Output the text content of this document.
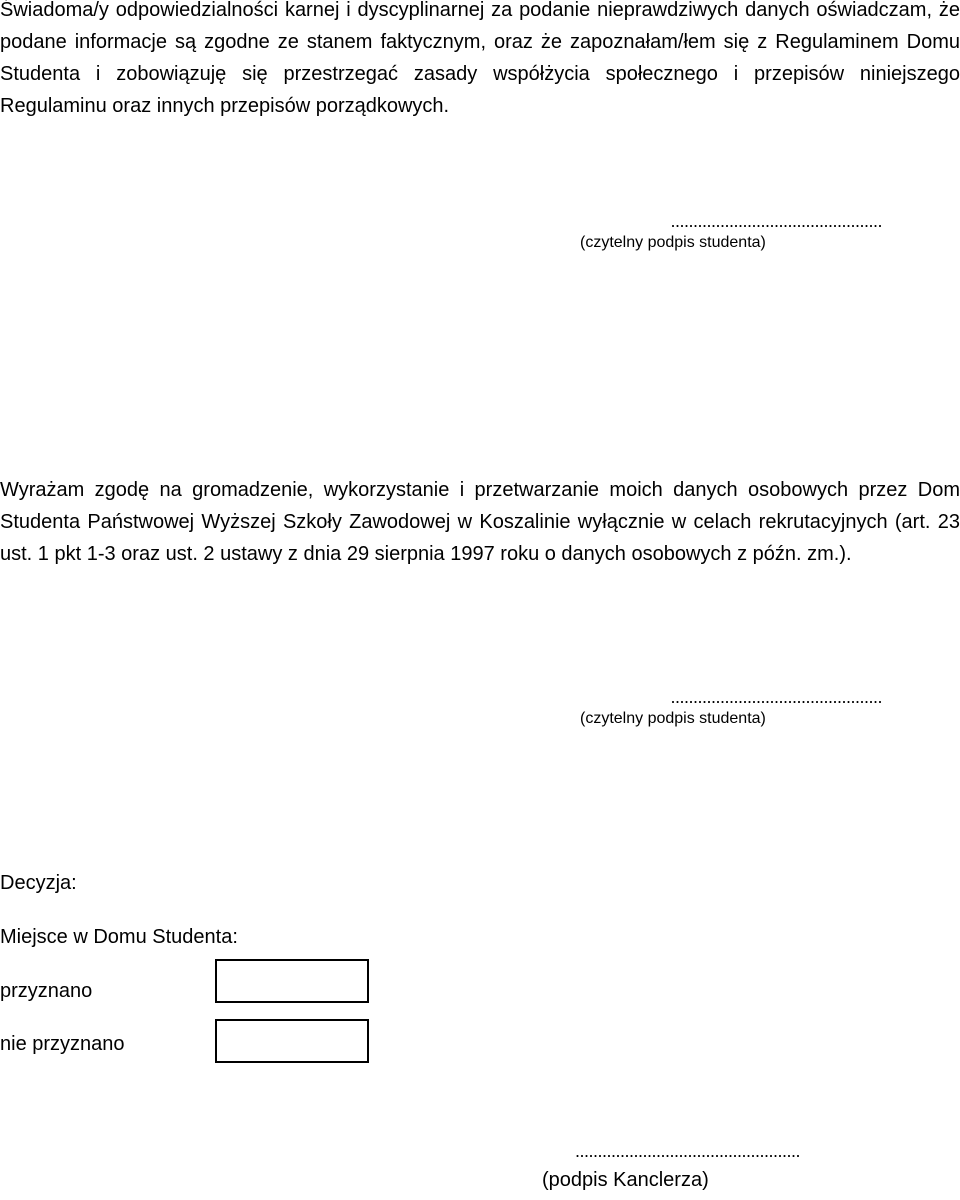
Świadoma/y odpowiedzialności karnej i dyscyplinarnej za podanie nieprawdziwych danych oświadczam, że podane informacje są zgodne ze stanem faktycznym, oraz że zapoznałam/łem się z Regulaminem Domu Studenta i zobowiązuję się przestrzegać zasady współżycia społecznego i przepisów niniejszego Regulaminu oraz innych przepisów porządkowych.

...............................................
(czytelny podpis studenta)

Wyrażam zgodę na gromadzenie, wykorzystanie i przetwarzanie moich danych osobowych przez Dom Studenta Państwowej Wyższej Szkoły Zawodowej w Koszalinie wyłącznie w celach rekrutacyjnych (art. 23 ust. 1 pkt 1-3 oraz ust. 2 ustawy z dnia 29 sierpnia 1997 roku o danych osobowych z późn. zm.).

...............................................
(czytelny podpis studenta)
Decyzja:
Miejsce w Domu Studenta:
przyznano
nie przyznano
..................................................
(podpis Kanclerza)
